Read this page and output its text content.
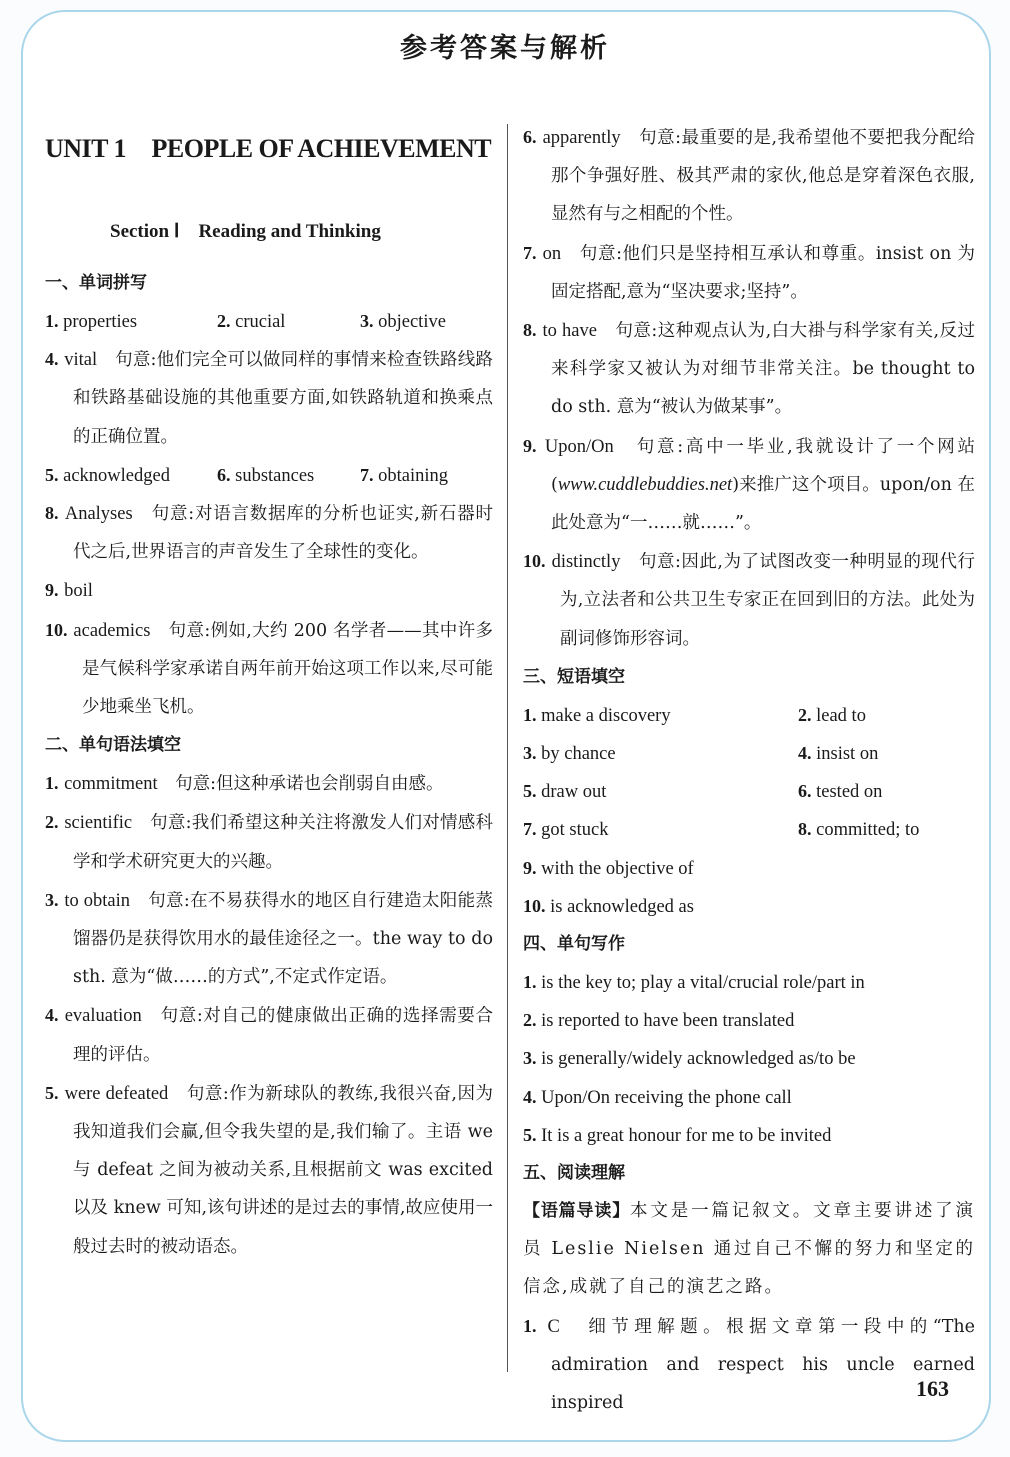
参考答案与解析
UNIT 1　PEOPLE OF ACHIEVEMENT
Section Ⅰ　Reading and Thinking
一、单词拼写
1. properties	2. crucial	3. objective
4. vital　 句意:他们完全可以做同样的事情来检查铁路线路和铁路基础设施的其他重要方面,如铁路轨道和换乘点的正确位置。
5. acknowledged	6. substances	7. obtaining
8. Analyses　 句意:对语言数据库的分析也证实,新石器时代之后,世界语言的声音发生了全球性的变化。
9. boil
10. academics　 句意:例如,大约 200 名学者——其中许多是气候科学家承诺自两年前开始这项工作以来,尽可能少地乘坐飞机。
二、单句语法填空
1. commitment　 句意:但这种承诺也会削弱自由感。
2. scientific　 句意:我们希望这种关注将激发人们对情感科学和学术研究更大的兴趣。
3. to obtain　 句意:在不易获得水的地区自行建造太阳能蒸馏器仍是获得饮用水的最佳途径之一。the way to do sth. 意为“做……的方式”,不定式作定语。
4. evaluation　 句意:对自己的健康做出正确的选择需要合理的评估。
5. were defeated　 句意:作为新球队的教练,我很兴奋,因为我知道我们会赢,但令我失望的是,我们输了。主语 we 与 defeat 之间为被动关系,且根据前文 was excited 以及 knew 可知,该句讲述的是过去的事情,故应使用一般过去时的被动语态。
6. apparently　 句意:最重要的是,我希望他不要把我分配给那个争强好胜、极其严肃的家伙,他总是穿着深色衣服,显然有与之相配的个性。
7. on　 句意:他们只是坚持相互承认和尊重。insist on 为固定搭配,意为“坚决要求;坚持”。
8. to have　 句意:这种观点认为,白大褂与科学家有关,反过来科学家又被认为对细节非常关注。be thought to do sth. 意为“被认为做某事”。
9. Upon/On　 句意:高中一毕业,我就设计了一个网站(www.cuddlebuddies.net)来推广这个项目。upon/on 在此处意为“一……就……”。
10. distinctly　 句意:因此,为了试图改变一种明显的现代行为,立法者和公共卫生专家正在回到旧的方法。此处为副词修饰形容词。
三、短语填空
1. make a discovery	2. lead to
3. by chance	4. insist on
5. draw out	6. tested on
7. got stuck	8. committed; to
9. with the objective of
10. is acknowledged as
四、单句写作
1. is the key to; play a vital/crucial role/part in
2. is reported to have been translated
3. is generally/widely acknowledged as/to be
4. Upon/On receiving the phone call
5. It is a great honour for me to be invited
五、阅读理解
【语篇导读】本文是一篇记叙文。文章主要讲述了演员 Leslie Nielsen 通过自己不懈的努力和坚定的信念,成就了自己的演艺之路。
1. C　 细节理解题。根据文章第一段中的“The admiration and respect his uncle earned inspired
163
